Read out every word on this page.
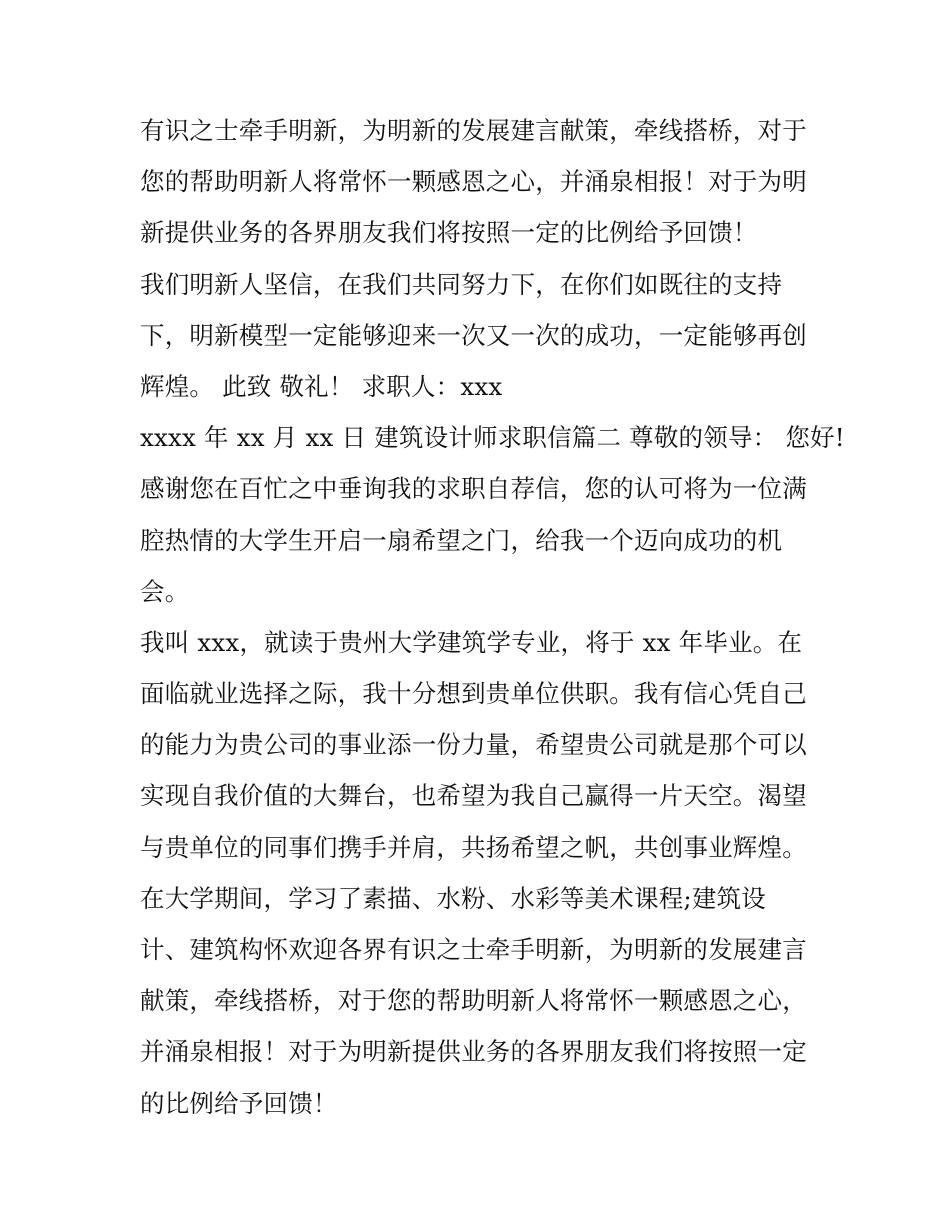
有识之士牵手明新，为明新的发展建言献策，牵线搭桥，对于
您的帮助明新人将常怀一颗感恩之心，并涌泉相报！对于为明
新提供业务的各界朋友我们将按照一定的比例给予回馈！
我们明新人坚信，在我们共同努力下，在你们如既往的支持
下，明新模型一定能够迎来一次又一次的成功，一定能够再创
辉煌。 此致 敬礼！ 求职人：xxx
xxxx 年 xx 月 xx 日 建筑设计师求职信篇二 尊敬的领导： 您好!
感谢您在百忙之中垂询我的求职自荐信，您的认可将为一位满
腔热情的大学生开启一扇希望之门，给我一个迈向成功的机
会。
我叫 xxx，就读于贵州大学建筑学专业，将于 xx 年毕业。在
面临就业选择之际，我十分想到贵单位供职。我有信心凭自己
的能力为贵公司的事业添一份力量，希望贵公司就是那个可以
实现自我价值的大舞台，也希望为我自己赢得一片天空。渴望
与贵单位的同事们携手并肩，共扬希望之帆，共创事业辉煌。
在大学期间，学习了素描、水粉、水彩等美术课程;建筑设
计、建筑构怀欢迎各界有识之士牵手明新，为明新的发展建言
献策，牵线搭桥，对于您的帮助明新人将常怀一颗感恩之心，
并涌泉相报！对于为明新提供业务的各界朋友我们将按照一定
的比例给予回馈！
